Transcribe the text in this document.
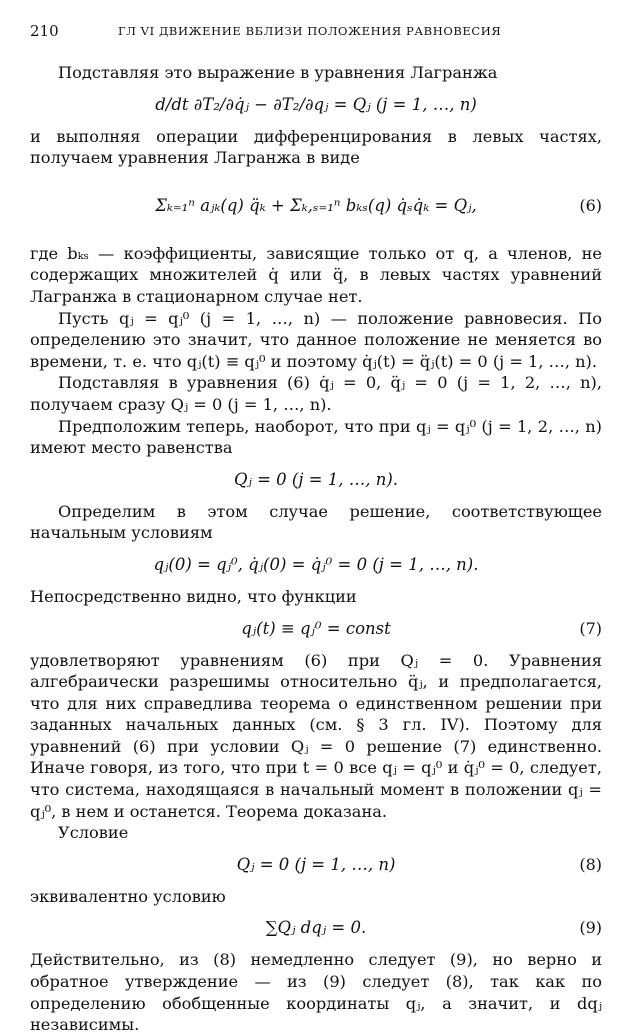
210	ГЛ VI ДВИЖЕНИЕ ВБЛИЗИ ПОЛОЖЕНИЯ РАВНОВЕСИЯ

Подставляя это выражение в уравнения Лагранжа

d/dt ∂T₂/∂q̇ⱼ − ∂T₂/∂qⱼ = Qⱼ (j = 1, …, n)

и выполняя операции дифференцирования в левых частях, получаем уравнения Лагранжа в виде

Σₖ₌₁ⁿ aⱼₖ(q) q̈ₖ + Σₖ,ₛ₌₁ⁿ bₖₛ(q) q̇ₛq̇ₖ = Qⱼ,	(6)

где bₖₛ — коэффициенты, зависящие только от q, а членов, не содержащих множителей q̇ или q̈, в левых частях уравнений Лагранжа в стационарном случае нет.

Пусть qⱼ = qⱼ⁰ (j = 1, …, n) — положение равновесия. По определению это значит, что данное положение не меняется во времени, т. е. что qⱼ(t) ≡ qⱼ⁰ и поэтому q̇ⱼ(t) = q̈ⱼ(t) = 0 (j = 1, …, n).

Подставляя в уравнения (6) q̇ⱼ = 0, q̈ⱼ = 0 (j = 1, 2, …, n), получаем сразу Qⱼ = 0 (j = 1, …, n).

Предположим теперь, наоборот, что при qⱼ = qⱼ⁰ (j = 1, 2, …, n) имеют место равенства

Qⱼ = 0 (j = 1, …, n).

Определим в этом случае решение, соответствующее начальным условиям

qⱼ(0) = qⱼ⁰, q̇ⱼ(0) = q̇ⱼ⁰ = 0 (j = 1, …, n).

Непосредственно видно, что функции

qⱼ(t) ≡ qⱼ⁰ = const	(7)

удовлетворяют уравнениям (6) при Qⱼ = 0. Уравнения алгебраически разрешимы относительно q̈ⱼ, и предполагается, что для них справедлива теорема о единственном решении при заданных начальных данных (см. § 3 гл. IV). Поэтому для уравнений (6) при условии Qⱼ = 0 решение (7) единственно. Иначе говоря, из того, что при t = 0 все qⱼ = qⱼ⁰ и q̇ⱼ⁰ = 0, следует, что система, находящаяся в начальный момент в положении qⱼ = qⱼ⁰, в нем и останется. Теорема доказана.

Условие

Qⱼ = 0 (j = 1, …, n)	(8)

эквивалентно условию

∑Qⱼ dqⱼ = 0.	(9)

Действительно, из (8) немедленно следует (9), но верно и обратное утверждение — из (9) следует (8), так как по определению обобщенные координаты qⱼ, а значит, и dqⱼ независимы.
